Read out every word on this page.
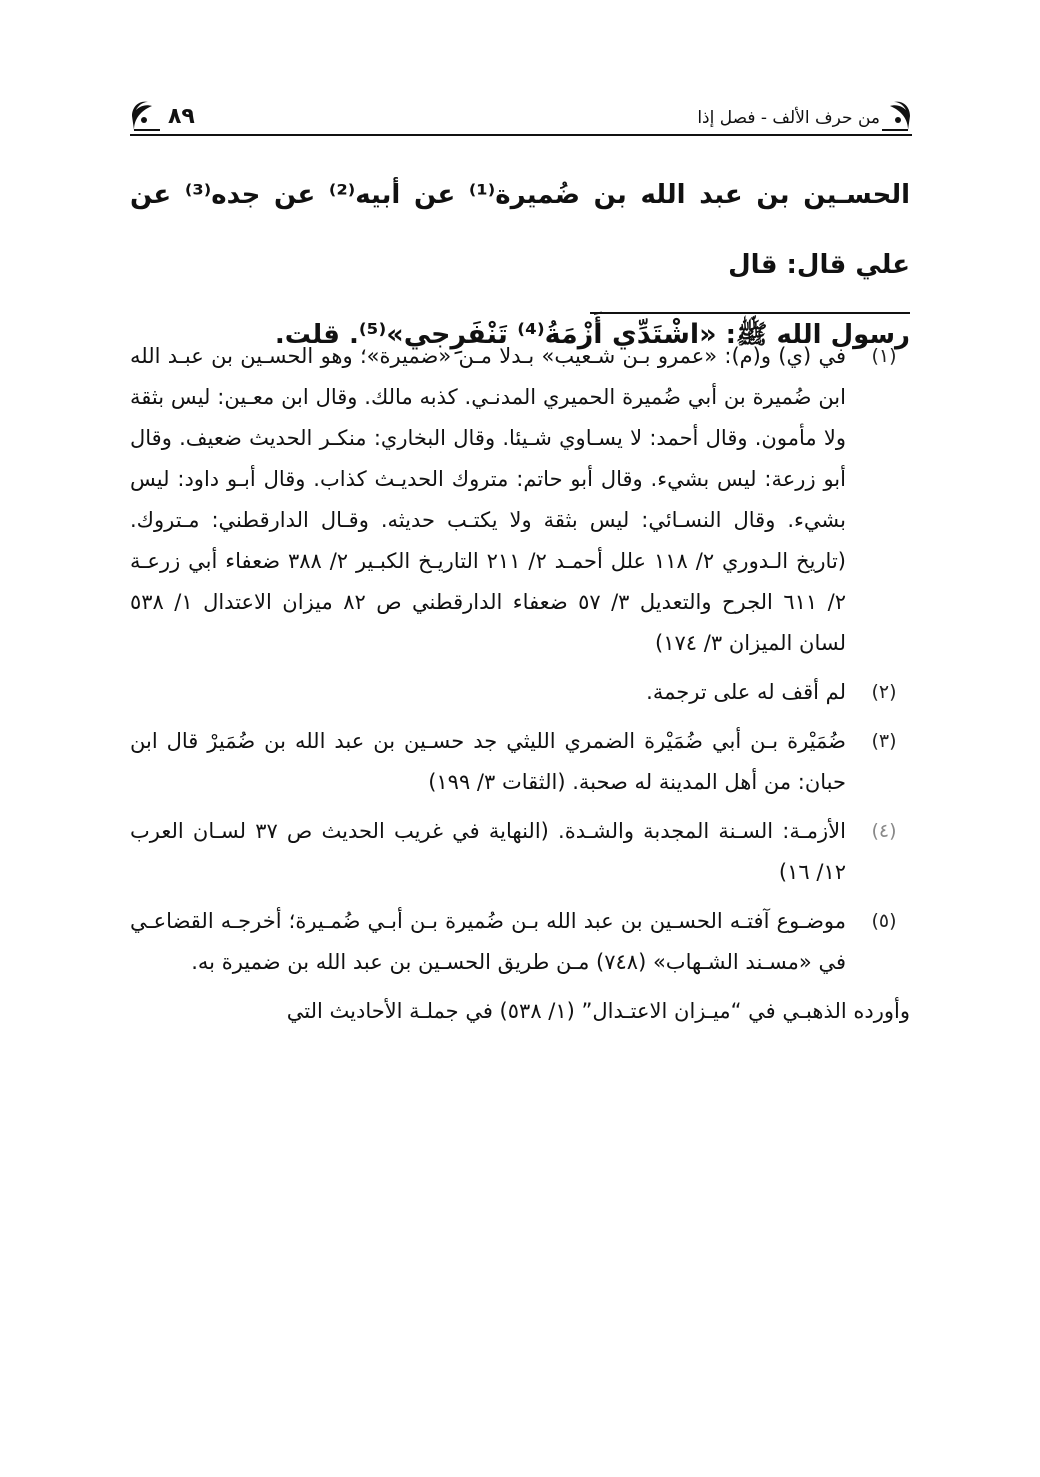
من حرف الألف - فصل إذا
٨٩

الحسـين بن عبد الله بن ضُميرة⁽¹⁾ عن أبيه⁽²⁾ عن جده⁽³⁾ عن علي قال: قال

رسول الله ﷺ: «اشْتَدِّي أَزْمَةُ⁽⁴⁾ تَنْفَرِجي»⁽⁵⁾. قلت.

(١)
في (ي) و(م): «عمرو بـن شـعيب» بـدلا مـن «ضميرة»؛ وهو الحسـين بن عبـد الله ابن ضُميرة بن أبي ضُميرة الحميري المدنـي. كذبه مالك. وقال ابن معـين: ليس بثقة ولا مأمون. وقال أحمد: لا يسـاوي شـيئا. وقال البخاري: منكـر الحديث ضعيف. وقال أبو زرعة: ليس بشيء. وقال أبو حاتم: متروك الحديـث كذاب. وقال أبـو داود: ليس بشيء. وقال النسـائي: ليس بثقة ولا يكتـب حديثه. وقـال الدارقطني: مـتروك. (تاريخ الـدوري ٢/ ١١٨ علل أحمـد ٢/ ٢١١ التاريـخ الكبـير ٢/ ٣٨٨ ضعفاء أبي زرعـة ٢/ ٦١١ الجرح والتعديل ٣/ ٥٧ ضعفاء الدارقطني ص ٨٢ ميزان الاعتدال ١/ ٥٣٨ لسان الميزان ٣/ ١٧٤)
(٢)
لم أقف له على ترجمة.
(٣)
ضُمَيْرة بـن أبي ضُمَيْرة الضمري الليثي جد حسـين بن عبد الله بن ضُمَيرْ قال ابن حبان: من أهل المدينة له صحبة. (الثقات ٣/ ١٩٩)
(٤)
الأزمـة: السـنة المجدبة والشـدة. (النهاية في غريب الحديث ص ٣٧ لسـان العرب ١٢/ ١٦)
(٥)
موضـوع آفتـه الحسـين بن عبد الله بـن ضُميرة بـن أبـي ضُمـيرة؛ أخرجـه القضاعـي في «مسـند الشـهاب» (٧٤٨) مـن طريق الحسـين بن عبد الله بن ضميرة به.

وأورده الذهبـي في “ميـزان الاعتـدال” (١/ ٥٣٨) في جملـة الأحاديث التي
